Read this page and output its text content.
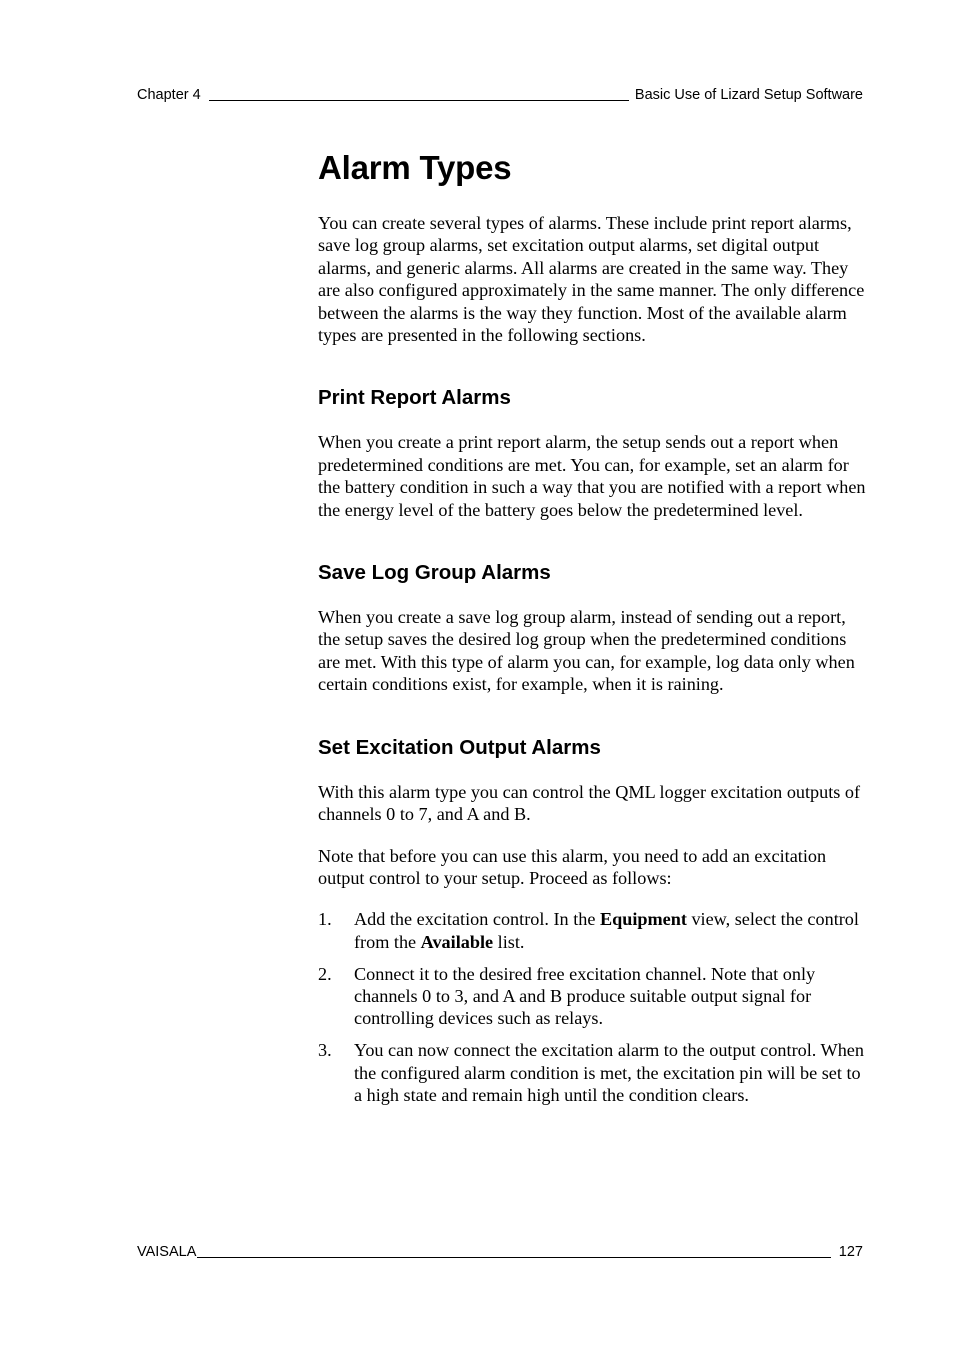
Chapter 4	Basic Use of Lizard Setup Software
Alarm Types

You can create several types of alarms. These include print report alarms, save log group alarms, set excitation output alarms, set digital output alarms, and generic alarms. All alarms are created in the same way. They are also configured approximately in the same manner. The only difference between the alarms is the way they function. Most of the available alarm types are presented in the following sections.

Print Report Alarms

When you create a print report alarm, the setup sends out a report when predetermined conditions are met. You can, for example, set an alarm for the battery condition in such a way that you are notified with a report when the energy level of the battery goes below the predetermined level.

Save Log Group Alarms

When you create a save log group alarm, instead of sending out a report, the setup saves the desired log group when the predetermined conditions are met. With this type of alarm you can, for example, log data only when certain conditions exist, for example, when it is raining.

Set Excitation Output Alarms

With this alarm type you can control the QML logger excitation outputs of channels 0 to 7, and A and B.

Note that before you can use this alarm, you need to add an excitation output control to your setup. Proceed as follows:

1.	Add the excitation control. In the Equipment view, select the control from the Available list.
2.	Connect it to the desired free excitation channel. Note that only channels 0 to 3, and A and B produce suitable output signal for controlling devices such as relays.
3.	You can now connect the excitation alarm to the output control. When the configured alarm condition is met, the excitation pin will be set to a high state and remain high until the condition clears.
VAISALA	127
